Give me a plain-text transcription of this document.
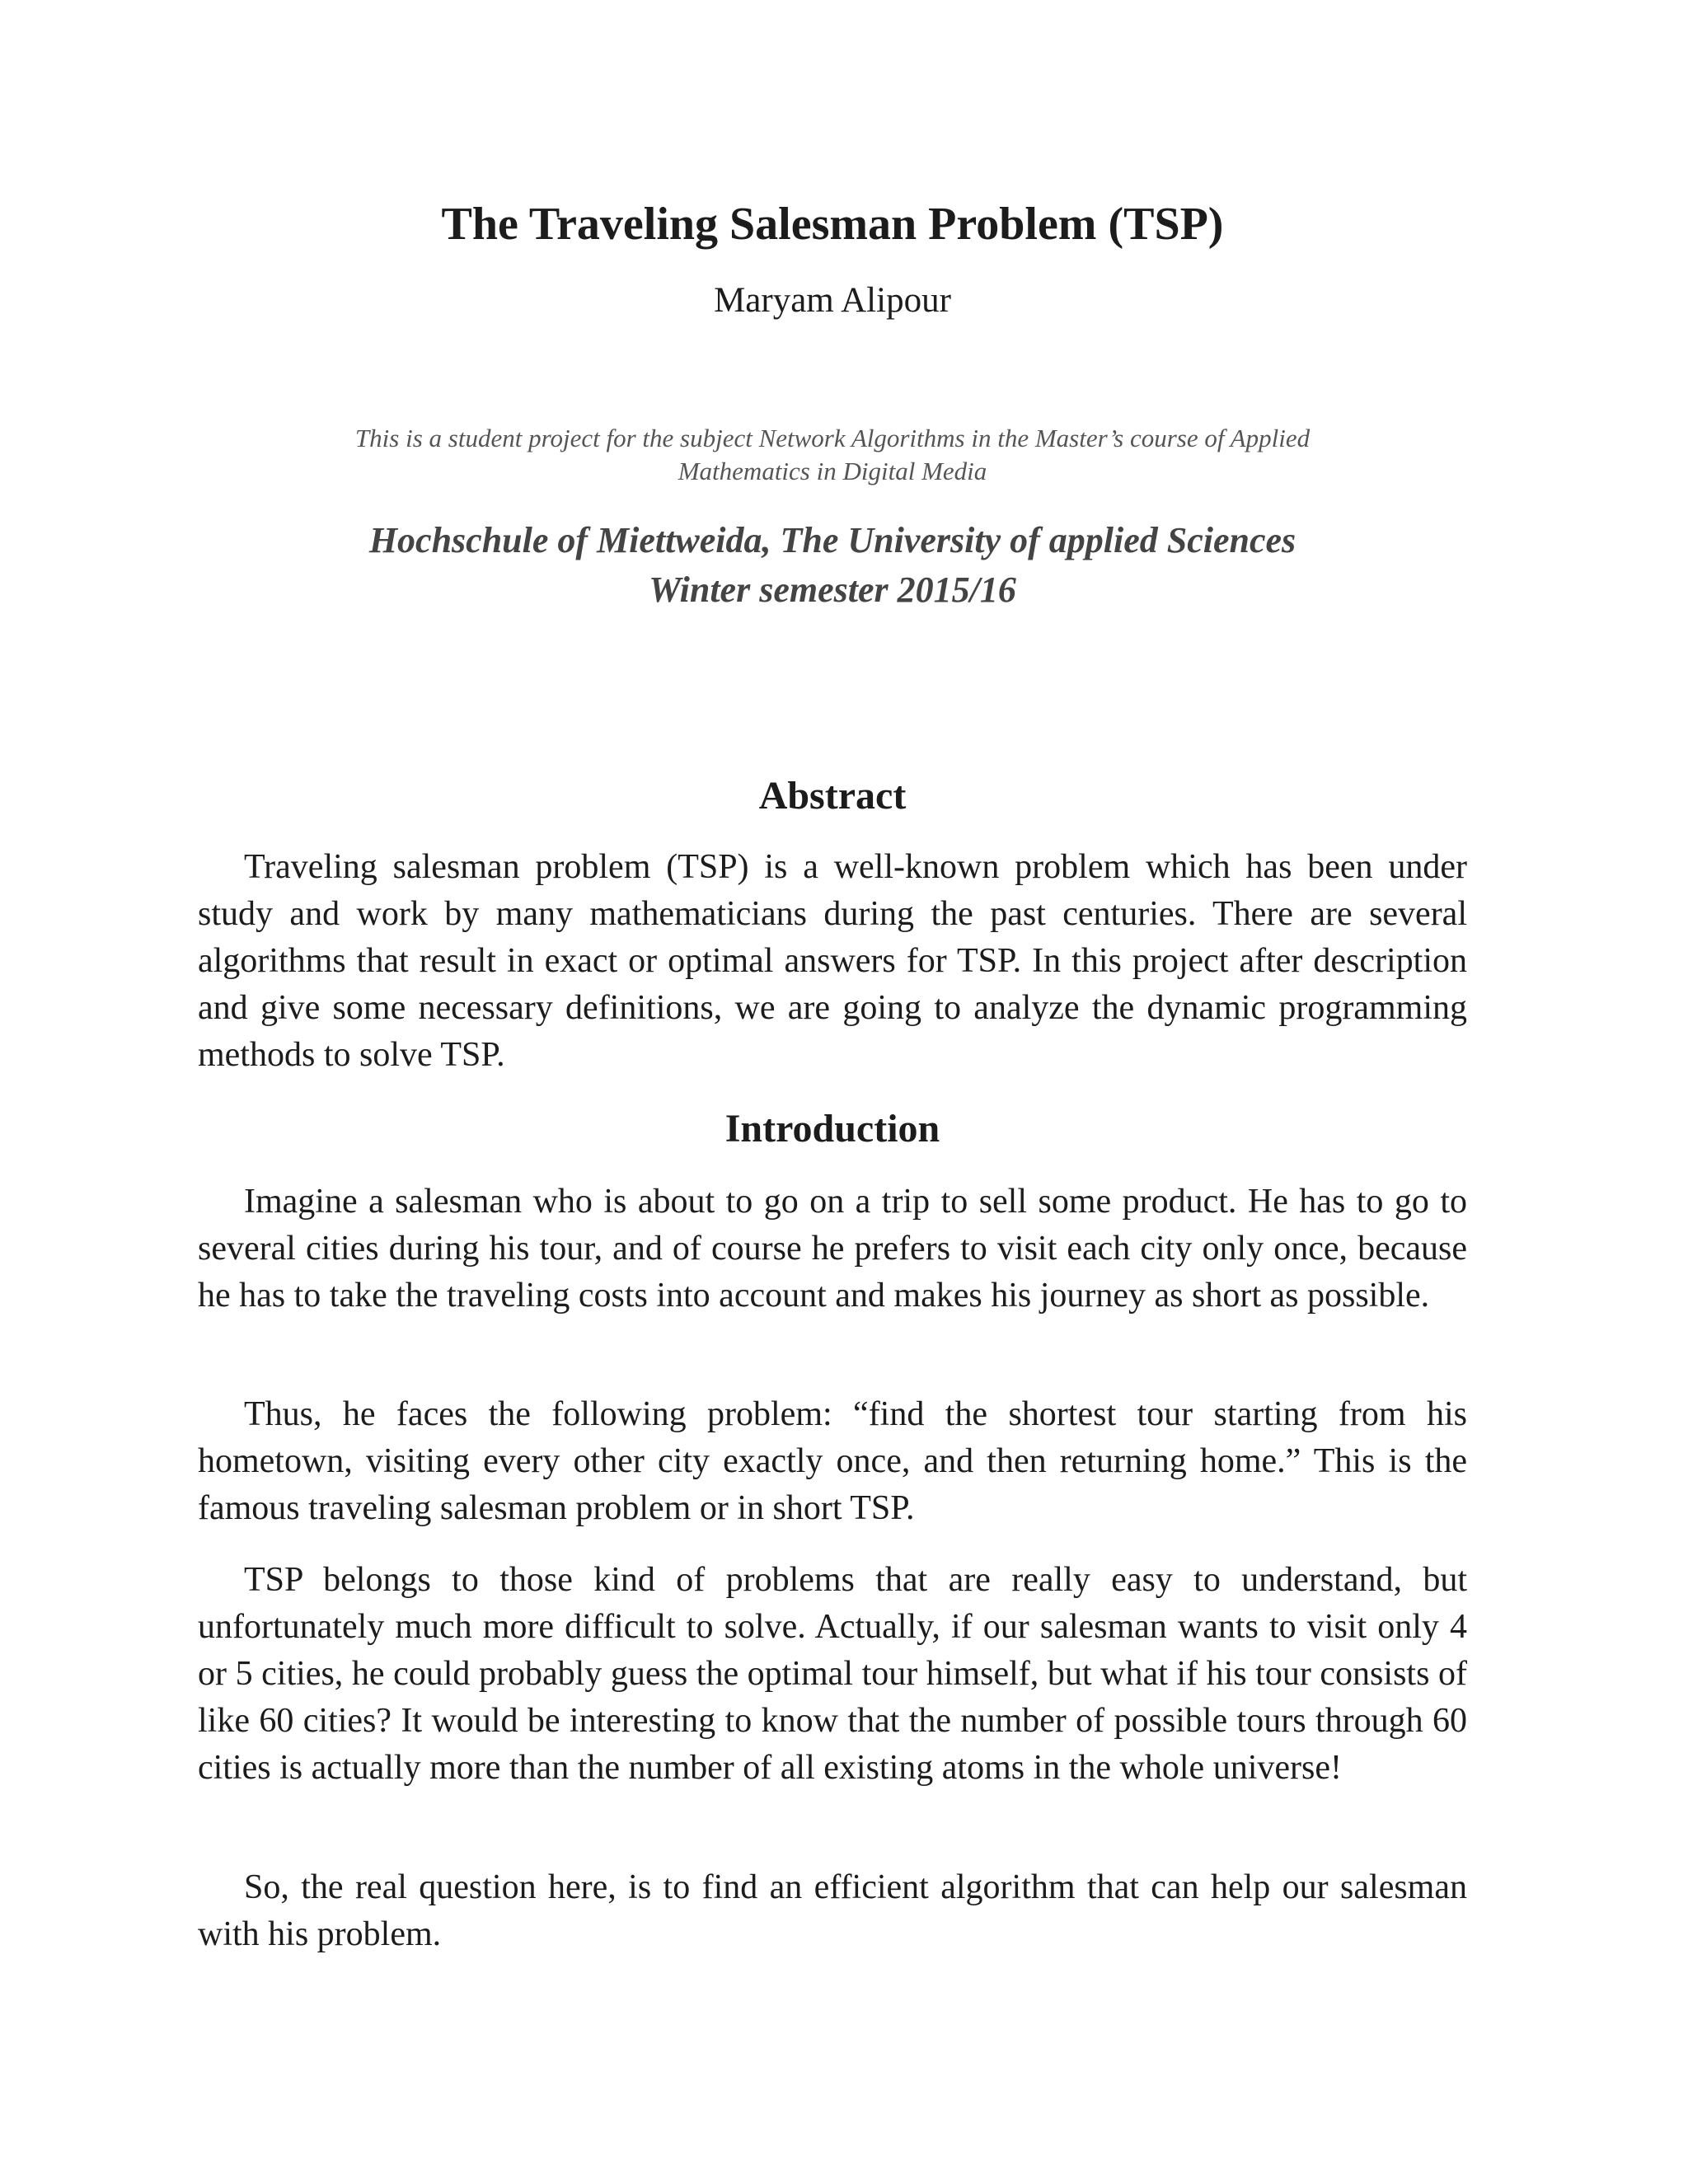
The Traveling Salesman Problem (TSP)

Maryam Alipour

This is a student project for the subject Network Algorithms in the Master’s course of Applied Mathematics in Digital Media

Hochschule of Miettweida, The University of applied Sciences
Winter semester 2015/16

Abstract

Traveling salesman problem (TSP) is a well-known problem which has been under study and work by many mathematicians during the past centuries. There are several algorithms that result in exact or optimal answers for TSP. In this project after description and give some necessary definitions, we are going to analyze the dynamic programming methods to solve TSP.

Introduction

Imagine a salesman who is about to go on a trip to sell some product. He has to go to several cities during his tour, and of course he prefers to visit each city only once, because he has to take the traveling costs into account and makes his journey as short as possible.

Thus, he faces the following problem: “find the shortest tour starting from his hometown, visiting every other city exactly once, and then returning home.” This is the famous traveling salesman problem or in short TSP.

TSP belongs to those kind of problems that are really easy to understand, but unfortunately much more difficult to solve. Actually, if our salesman wants to visit only 4 or 5 cities, he could probably guess the optimal tour himself, but what if his tour consists of like 60 cities? It would be interesting to know that the number of possible tours through 60 cities is actually more than the number of all existing atoms in the whole universe!

So, the real question here, is to find an efficient algorithm that can help our salesman with his problem.
